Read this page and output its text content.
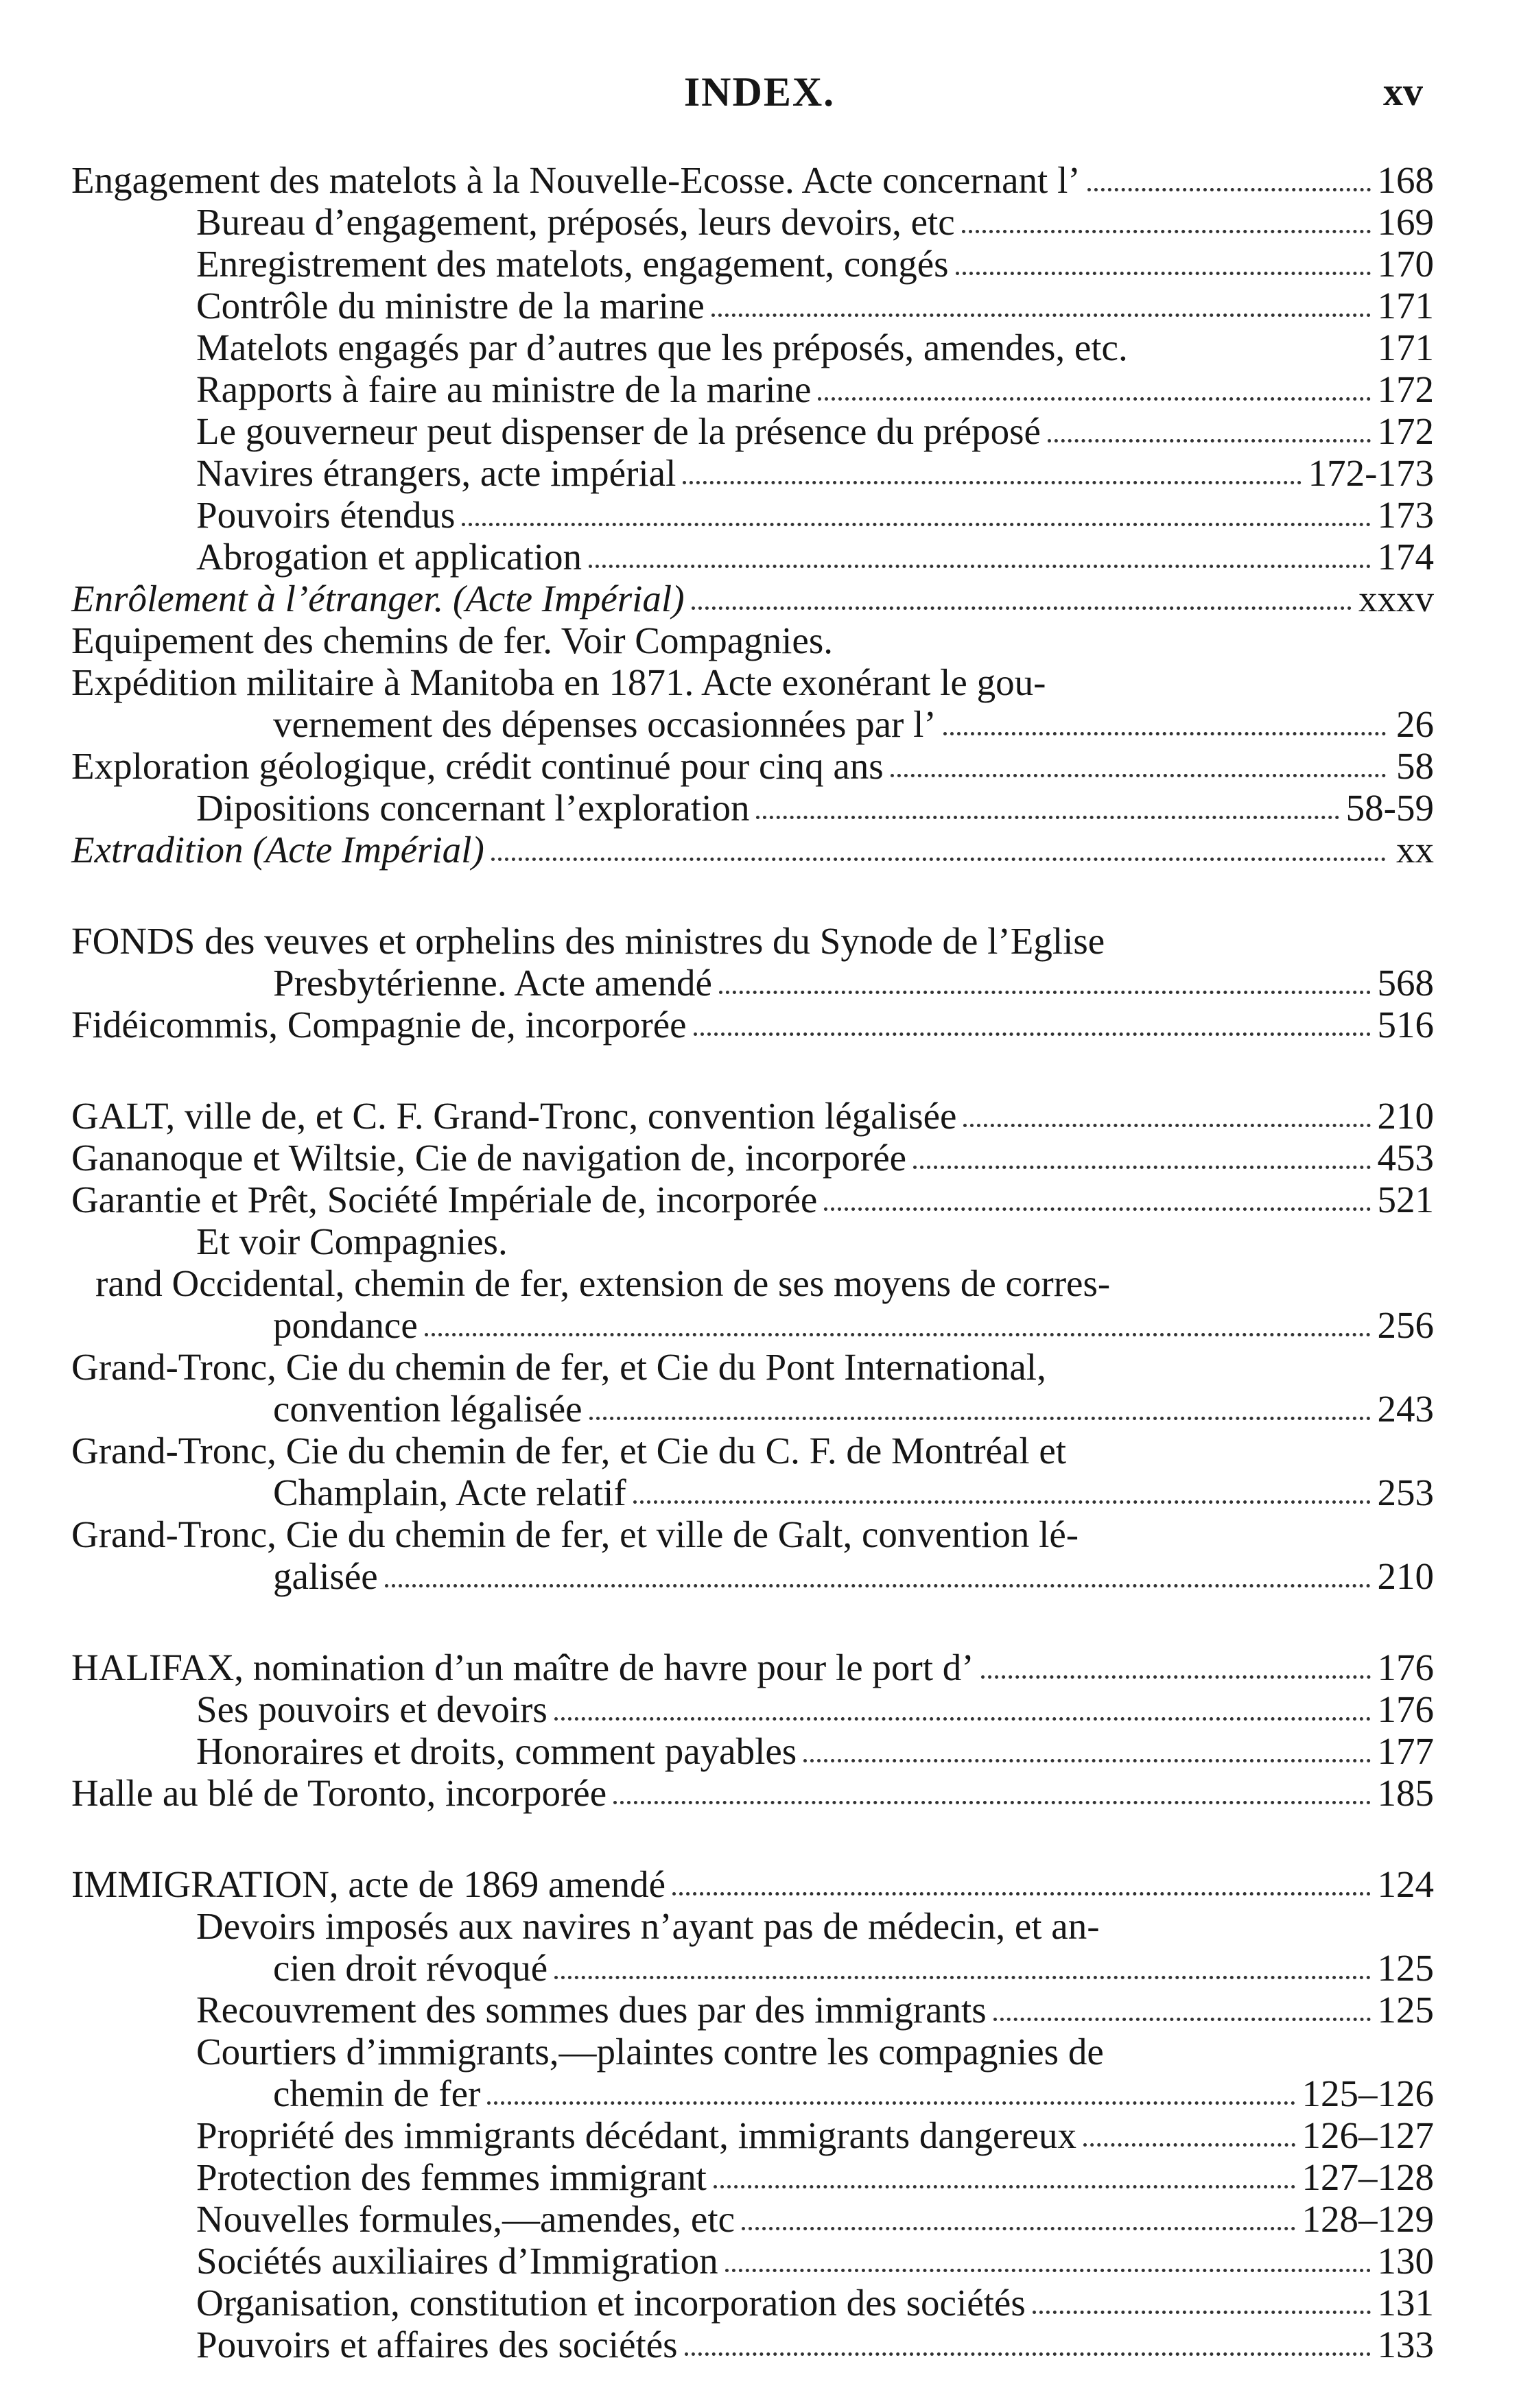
INDEX.	xv
Engagement des matelots à la Nouvelle-Ecosse. Acte concernant l’	168
Bureau d’engagement, préposés, leurs devoirs, etc	169
Enregistrement des matelots, engagement, congés	170
Contrôle du ministre de la marine	171
Matelots engagés par d’autres que les préposés, amendes, etc.	171
Rapports à faire au ministre de la marine	172
Le gouverneur peut dispenser de la présence du préposé	172
Navires étrangers, acte impérial	172-173
Pouvoirs étendus	173
Abrogation et application	174
Enrôlement à l’étranger. (Acte Impérial)	xxxv
Equipement des chemins de fer. Voir Compagnies.
Expédition militaire à Manitoba en 1871. Acte exonérant le gou-
vernement des dépenses occasionnées par l’	26
Exploration géologique, crédit continué pour cinq ans	58
Dipositions concernant l’exploration	58-59
Extradition (Acte Impérial)	xx
FONDS des veuves et orphelins des ministres du Synode de l’Eglise
Presbytérienne. Acte amendé	568
Fidéicommis, Compagnie de, incorporée	516
GALT, ville de, et C. F. Grand-Tronc, convention légalisée	210
Gananoque et Wiltsie, Cie de navigation de, incorporée	453
Garantie et Prêt, Société Impériale de, incorporée	521
Et voir Compagnies.
rand Occidental, chemin de fer, extension de ses moyens de corres-
pondance	256
Grand-Tronc, Cie du chemin de fer, et Cie du Pont International,
convention légalisée	243
Grand-Tronc, Cie du chemin de fer, et Cie du C. F. de Montréal et
Champlain, Acte relatif	253
Grand-Tronc, Cie du chemin de fer, et ville de Galt, convention lé-
galisée	210
HALIFAX, nomination d’un maître de havre pour le port d’	176
Ses pouvoirs et devoirs	176
Honoraires et droits, comment payables	177
Halle au blé de Toronto, incorporée	185
IMMIGRATION, acte de 1869 amendé	124
Devoirs imposés aux navires n’ayant pas de médecin, et an-
cien droit révoqué	125
Recouvrement des sommes dues par des immigrants	125
Courtiers d’immigrants,—plaintes contre les compagnies de
chemin de fer	125–126
Propriété des immigrants décédant, immigrants dangereux	126–127
Protection des femmes immigrant	127–128
Nouvelles formules,—amendes, etc	128–129
Sociétés auxiliaires d’Immigration	130
Organisation, constitution et incorporation des sociétés	131
Pouvoirs et affaires des sociétés	133
